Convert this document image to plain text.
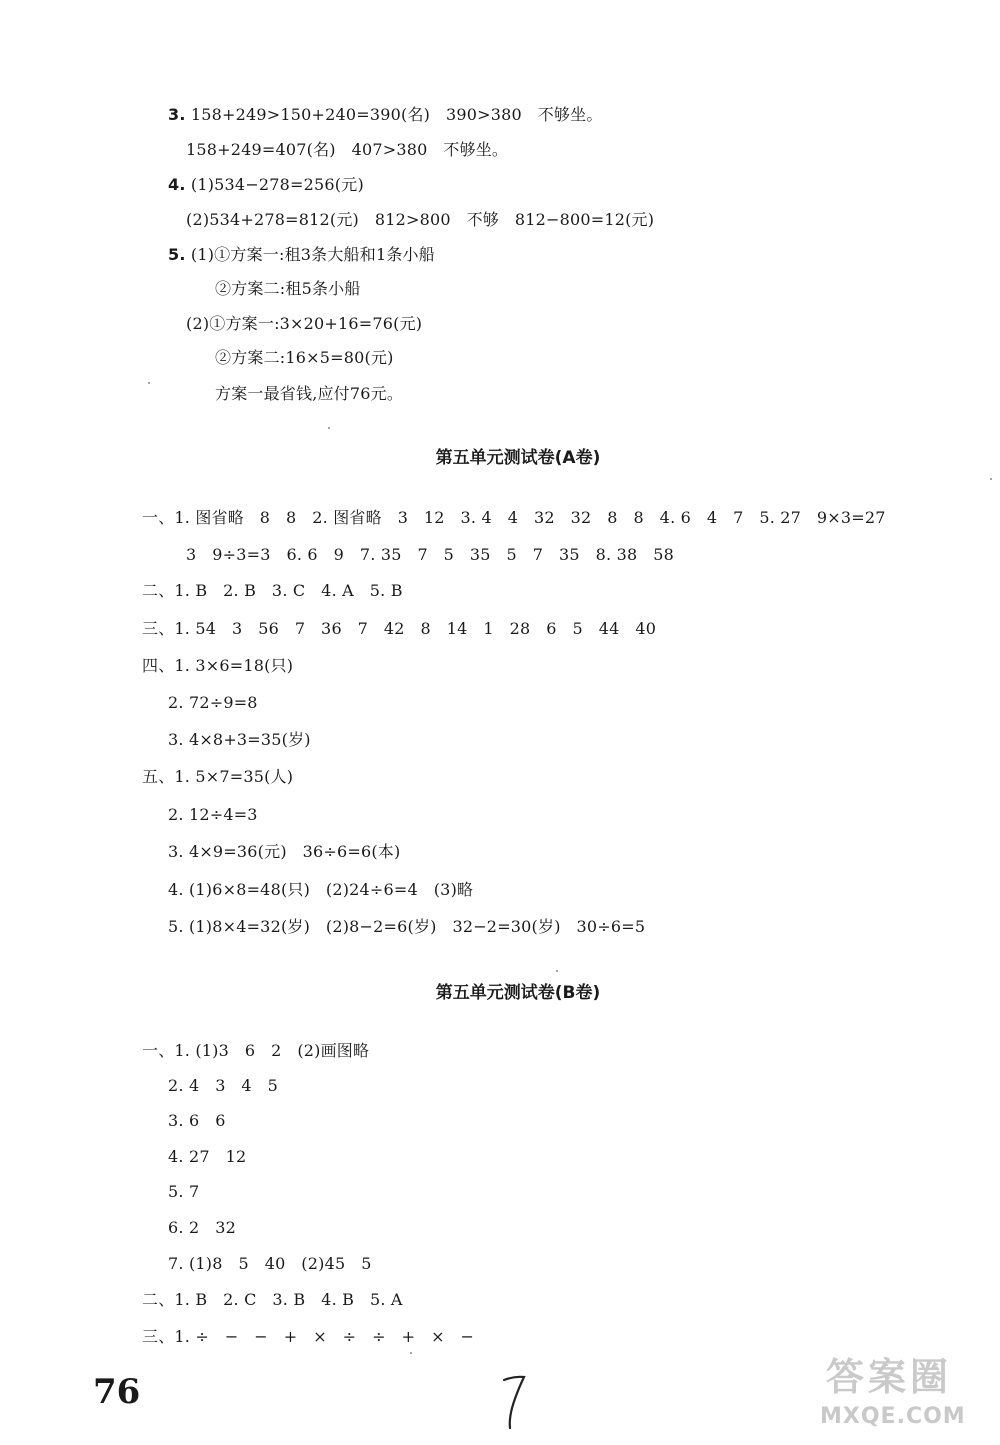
3. 158+249>150+240=390(名)   390>380   不够坐。
158+249=407(名)   407>380   不够坐。
4. (1)534−278=256(元)
(2)534+278=812(元)   812>800   不够   812−800=12(元)
5. (1)①方案一:租3条大船和1条小船
②方案二:租5条小船
(2)①方案一:3×20+16=76(元)
②方案二:16×5=80(元)
方案一最省钱,应付76元。
第五单元测试卷(A卷)
一、1. 图省略   8   8   2. 图省略   3   12   3. 4   4   32   32   8   8   4. 6   4   7   5. 27   9×3=27
3   9÷3=3   6. 6   9   7. 35   7   5   35   5   7   35   8. 38   58
二、1. B   2. B   3. C   4. A   5. B
三、1. 54   3   56   7   36   7   42   8   14   1   28   6   5   44   40
四、1. 3×6=18(只)
2. 72÷9=8
3. 4×8+3=35(岁)
五、1. 5×7=35(人)
2. 12÷4=3
3. 4×9=36(元)   36÷6=6(本)
4. (1)6×8=48(只)   (2)24÷6=4   (3)略
5. (1)8×4=32(岁)   (2)8−2=6(岁)   32−2=30(岁)   30÷6=5
第五单元测试卷(B卷)
一、1. (1)3   6   2   (2)画图略
2. 4   3   4   5
3. 6   6
4. 27   12
5. 7
6. 2   32
7. (1)8   5   40   (2)45   5
二、1. B   2. C   3. B   4. B   5. A
三、1. ÷   −   −   +   ×   ÷   ÷   +   ×   −
76	答案圈
MXQE.COM
